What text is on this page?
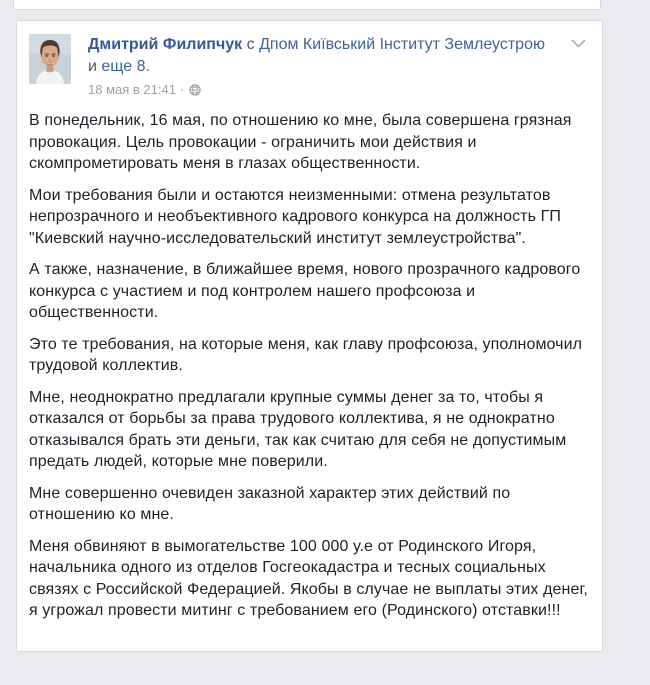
Дмитрий Филипчук с Дпом Київський Інститут Землеустрою и еще 8.
18 мая в 21:41 ·

В понедельник, 16 мая, по отношению ко мне, была совершена грязная провокация. Цель провокации - ограничить мои действия и скомпрометировать меня в глазах общественности.

Мои требования были и остаются неизменными: отмена результатов непрозрачного и необъективного кадрового конкурса на должность ГП "Киевский научно-исследовательский институт землеустройства".

А также, назначение, в ближайшее время, нового прозрачного кадрового конкурса с участием и под контролем нашего профсоюза и общественности.

Это те требования, на которые меня, как главу профсоюза, уполномочил трудовой коллектив.

Мне, неоднократно предлагали крупные суммы денег за то, чтобы я отказался от борьбы за права трудового коллектива, я не однократно отказывался брать эти деньги, так как считаю для себя не допустимым предать людей, которые мне поверили.

Мне совершенно очевиден заказной характер этих действий по отношению ко мне.

Меня обвиняют в вымогательстве 100 000 у.е от Родинского Игоря, начальника одного из отделов Госгеокадастра и тесных социальных связях с Российской Федерацией. Якобы в случае не выплаты этих денег, я угрожал провести митинг с требованием его (Родинского) отставки!!!
